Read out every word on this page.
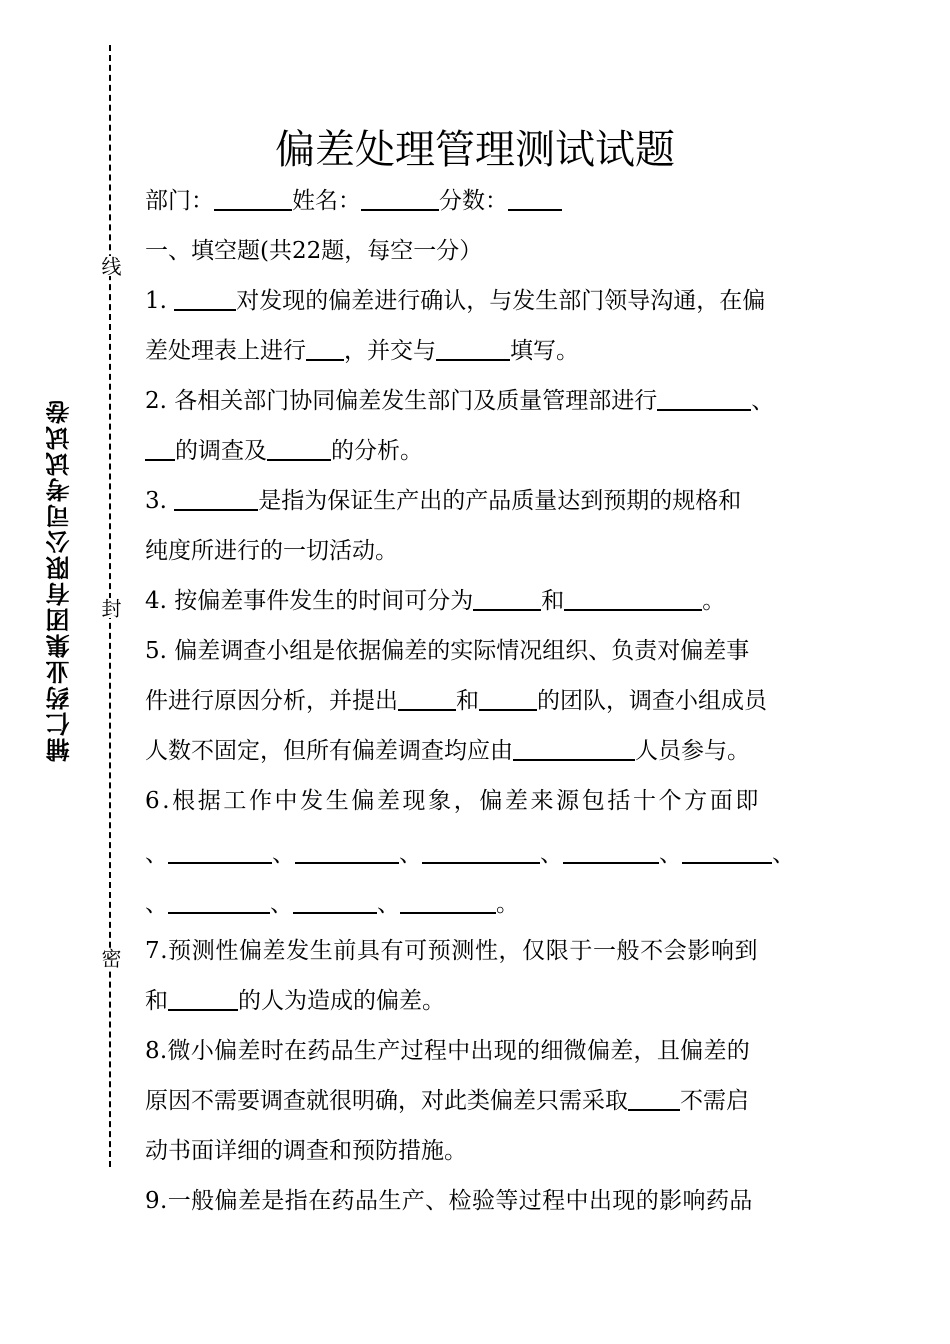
线
封
密
辅仁药业集团有限公司考试试卷
偏差处理管理测试试题

部门：	姓名：	分数：

一、填空题(共22题，每空一分）

1.	对发现的偏差进行确认，与发生部门领导沟通，在偏

差处理表上进行 ，并交与	填写。

2. 各相关部门协同偏差发生部门及质量管理部进行	、

的调查及	的分析。

3.	是指为保证生产出的产品质量达到预期的规格和

纯度所进行的一切活动。

4. 按偏差事件发生的时间可分为	和	。

5. 偏差调查小组是依据偏差的实际情况组织、负责对偏差事

件进行原因分析，并提出	和	的团队，调查小组成员

人数不固定，但所有偏差调查均应由	人员参与。

6.根据工作中发生偏差现象，偏差来源包括十个方面即

、	、	、	、	、	、

、	、	、	。

7.预测性偏差发生前具有可预测性，仅限于一般不会影响到

和	的人为造成的偏差。

8.微小偏差时在药品生产过程中出现的细微偏差，且偏差的

原因不需要调查就很明确，对此类偏差只需采取 不需启

动书面详细的调查和预防措施。

9.一般偏差是指在药品生产、检验等过程中出现的影响药品
